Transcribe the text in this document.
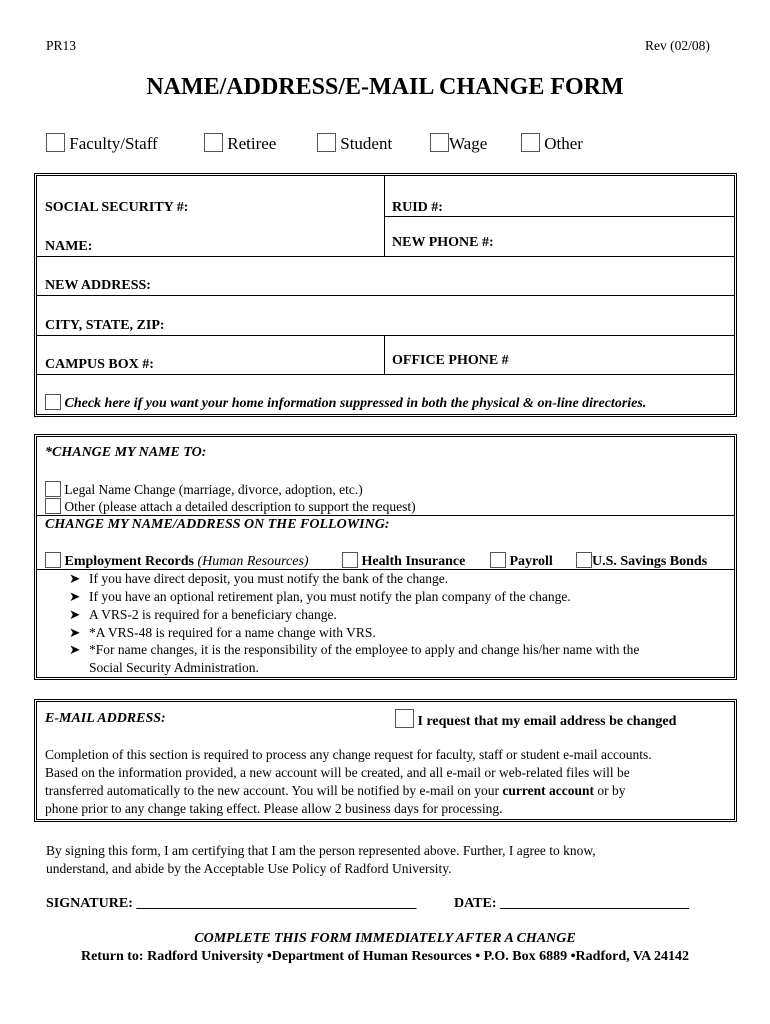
PR13	Rev (02/08)
NAME/ADDRESS/E-MAIL CHANGE FORM
Faculty/Staff	Retiree	Student	Wage	Other
SOCIAL SECURITY #:	RUID #:
NAME:	NEW PHONE #:
NEW ADDRESS:
CITY, STATE, ZIP:
CAMPUS BOX #:	OFFICE PHONE #
Check here if you want your home information suppressed in both the physical & on-line directories.
*CHANGE MY NAME TO:
Legal Name Change (marriage, divorce, adoption, etc.)
Other (please attach a detailed description to support the request)
CHANGE MY NAME/ADDRESS ON THE FOLLOWING:
Employment Records (Human Resources)	Health Insurance	Payroll	U.S. Savings Bonds
➤ If you have direct deposit, you must notify the bank of the change.
➤ If you have an optional retirement plan, you must notify the plan company of the change.
➤ A VRS-2 is required for a beneficiary change.
➤ *A VRS-48 is required for a name change with VRS.
➤ *For name changes, it is the responsibility of the employee to apply and change his/her name with the
Social Security Administration.
E-MAIL ADDRESS:	I request that my email address be changed
Completion of this section is required to process any change request for faculty, staff or student e-mail accounts.
Based on the information provided, a new account will be created, and all e-mail or web-related files will be
transferred automatically to the new account. You will be notified by e-mail on your current account or by
phone prior to any change taking effect. Please allow 2 business days for processing.
By signing this form, I am certifying that I am the person represented above. Further, I agree to know,
understand, and abide by the Acceptable Use Policy of Radford University.
SIGNATURE: ________________________________________	DATE: ___________________________
COMPLETE THIS FORM IMMEDIATELY AFTER A CHANGE
Return to: Radford University •Department of Human Resources • P.O. Box 6889 •Radford, VA 24142
